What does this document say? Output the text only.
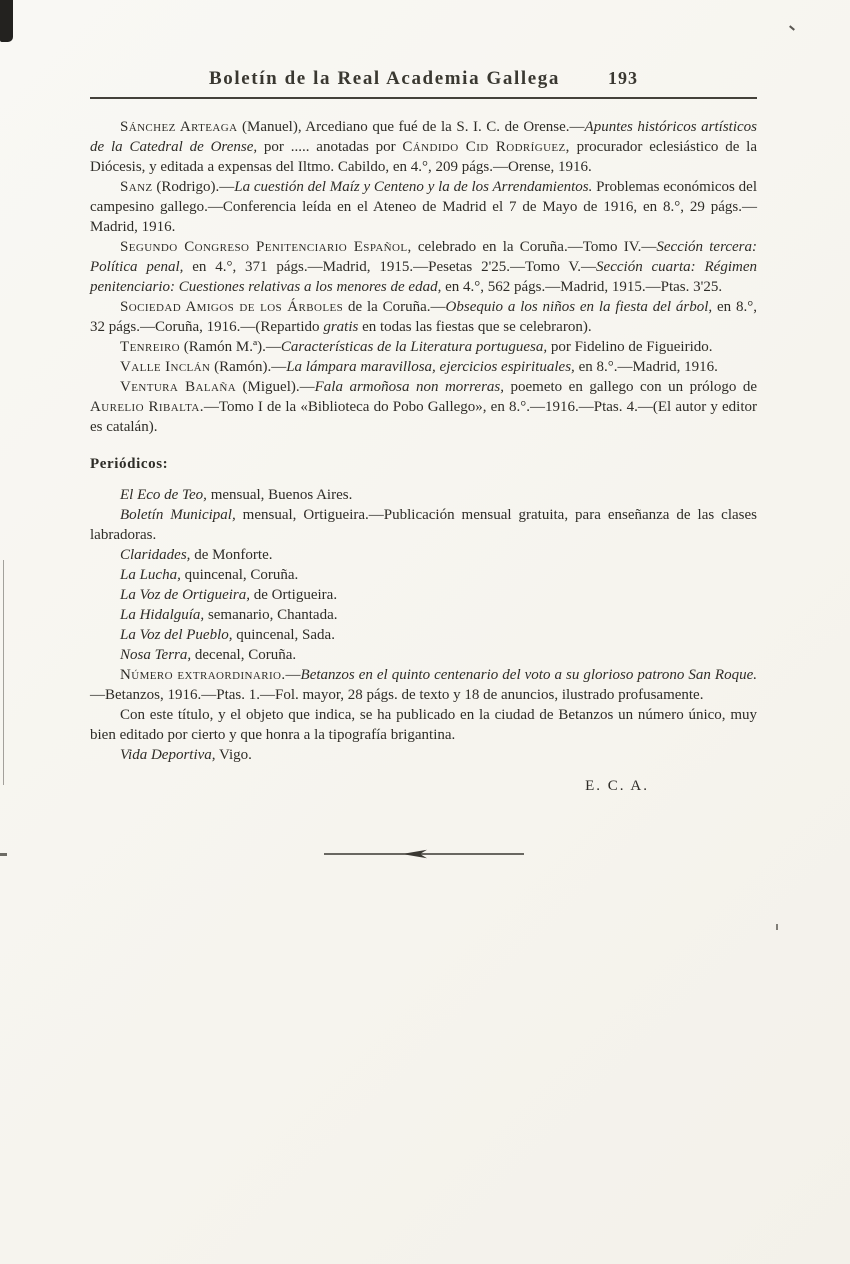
Boletín de la Real Academia Gallega	193

Sánchez Arteaga (Manuel), Arcediano que fué de la S. I. C. de Orense.—Apuntes históricos artísticos de la Catedral de Orense, por ..... anotadas por Cándido Cid Rodríguez, procurador eclesiástico de la Diócesis, y editada a expensas del Iltmo. Cabildo, en 4.°, 209 págs.—Orense, 1916.

Sanz (Rodrigo).—La cuestión del Maíz y Centeno y la de los Arrendamientos. Problemas económicos del campesino gallego.—Conferencia leída en el Ateneo de Madrid el 7 de Mayo de 1916, en 8.°, 29 págs.—Madrid, 1916.

Segundo Congreso Penitenciario Español, celebrado en la Coruña.—Tomo IV.—Sección tercera: Política penal, en 4.°, 371 págs.—Madrid, 1915.—Pesetas 2'25.—Tomo V.—Sección cuarta: Régimen penitenciario: Cuestiones relativas a los menores de edad, en 4.°, 562 págs.—Madrid, 1915.—Ptas. 3'25.

Sociedad Amigos de los Árboles de la Coruña.—Obsequio a los niños en la fiesta del árbol, en 8.°, 32 págs.—Coruña, 1916.—(Repartido gratis en todas las fiestas que se celebraron).

Tenreiro (Ramón M.ª).—Características de la Literatura portuguesa, por Fidelino de Figueirido.

Valle Inclán (Ramón).—La lámpara maravillosa, ejercicios espirituales, en 8.°.—Madrid, 1916.

Ventura Balaña (Miguel).—Fala armoñosa non morreras, poemeto en gallego con un prólogo de Aurelio Ribalta.—Tomo I de la «Biblioteca do Pobo Gallego», en 8.°.—1916.—Ptas. 4.—(El autor y editor es catalán).

Periódicos:

El Eco de Teo, mensual, Buenos Aires.

Boletín Municipal, mensual, Ortigueira.—Publicación mensual gratuita, para enseñanza de las clases labradoras.

Claridades, de Monforte.

La Lucha, quincenal, Coruña.

La Voz de Ortigueira, de Ortigueira.

La Hidalguía, semanario, Chantada.

La Voz del Pueblo, quincenal, Sada.

Nosa Terra, decenal, Coruña.

Número extraordinario.—Betanzos en el quinto centenario del voto a su glorioso patrono San Roque.—Betanzos, 1916.—Ptas. 1.—Fol. mayor, 28 págs. de texto y 18 de anuncios, ilustrado profusamente.

Con este título, y el objeto que indica, se ha publicado en la ciudad de Betanzos un número único, muy bien editado por cierto y que honra a la tipografía brigantina.

Vida Deportiva, Vigo.

E. C. A.
